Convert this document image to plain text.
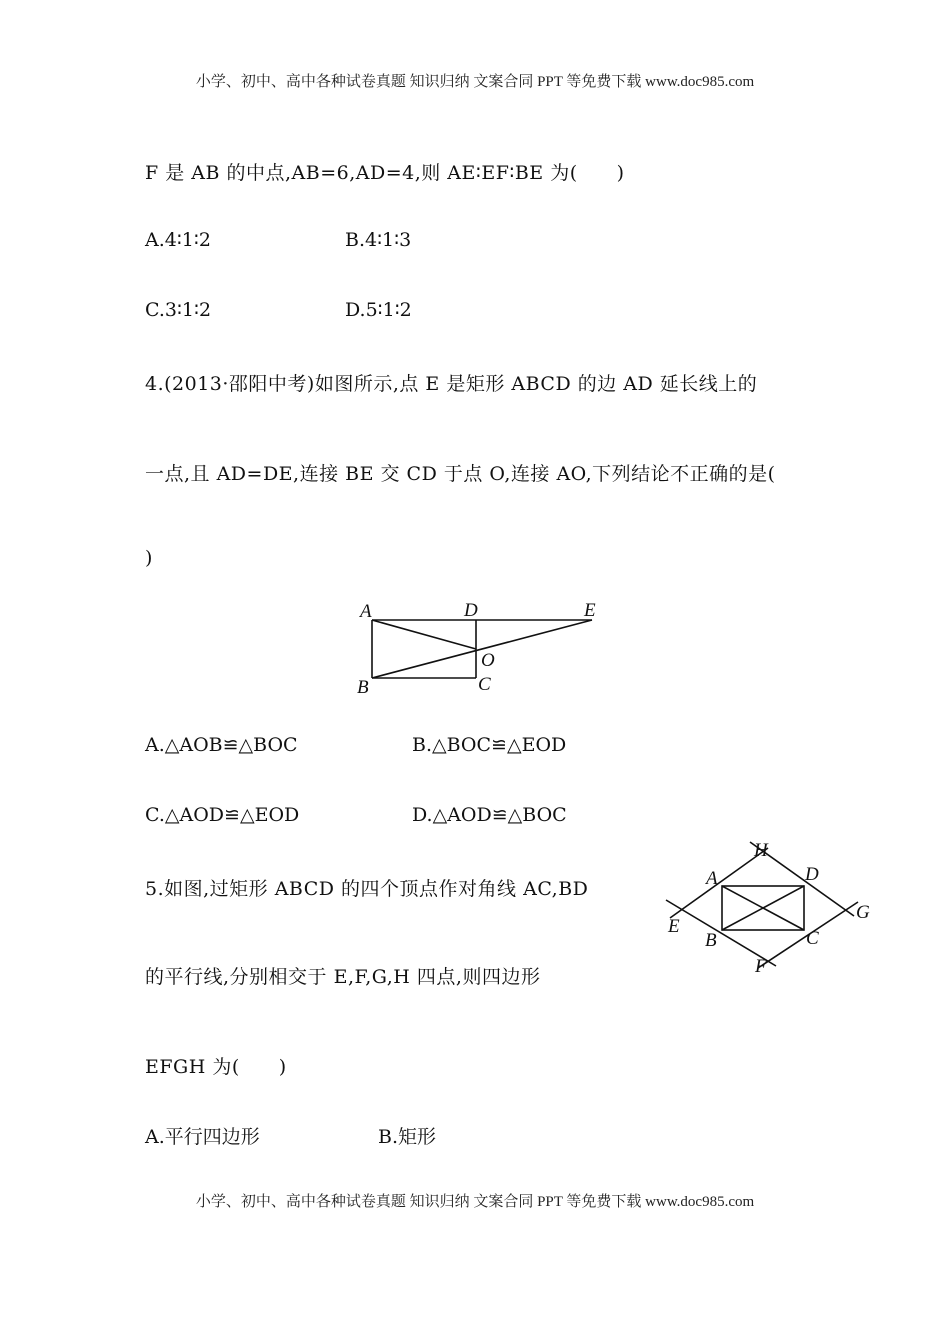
小学、初中、高中各种试卷真题 知识归纳 文案合同 PPT 等免费下载 www.doc985.com
F 是 AB 的中点,AB=6,AD=4,则 AE∶EF∶BE 为(　　)
A.4∶1∶2	B.4∶1∶3
C.3∶1∶2	D.5∶1∶2
4.(2013·邵阳中考)如图所示,点 E 是矩形 ABCD 的边 AD 延长线上的
一点,且 AD=DE,连接 BE 交 CD 于点 O,连接 AO,下列结论不正确的是(
)
A	D	E
O
B	C
A.△AOB≌△BOC	B.△BOC≌△EOD
C.△AOD≌△EOD	D.△AOD≌△BOC
5.如图,过矩形 ABCD 的四个顶点作对角线 AC,BD
的平行线,分别相交于 E,F,G,H 四点,则四边形
EFGH 为(　　)
H
A	D
E
G
B	C
F
A.平行四边形	B.矩形
小学、初中、高中各种试卷真题 知识归纳 文案合同 PPT 等免费下载 www.doc985.com
